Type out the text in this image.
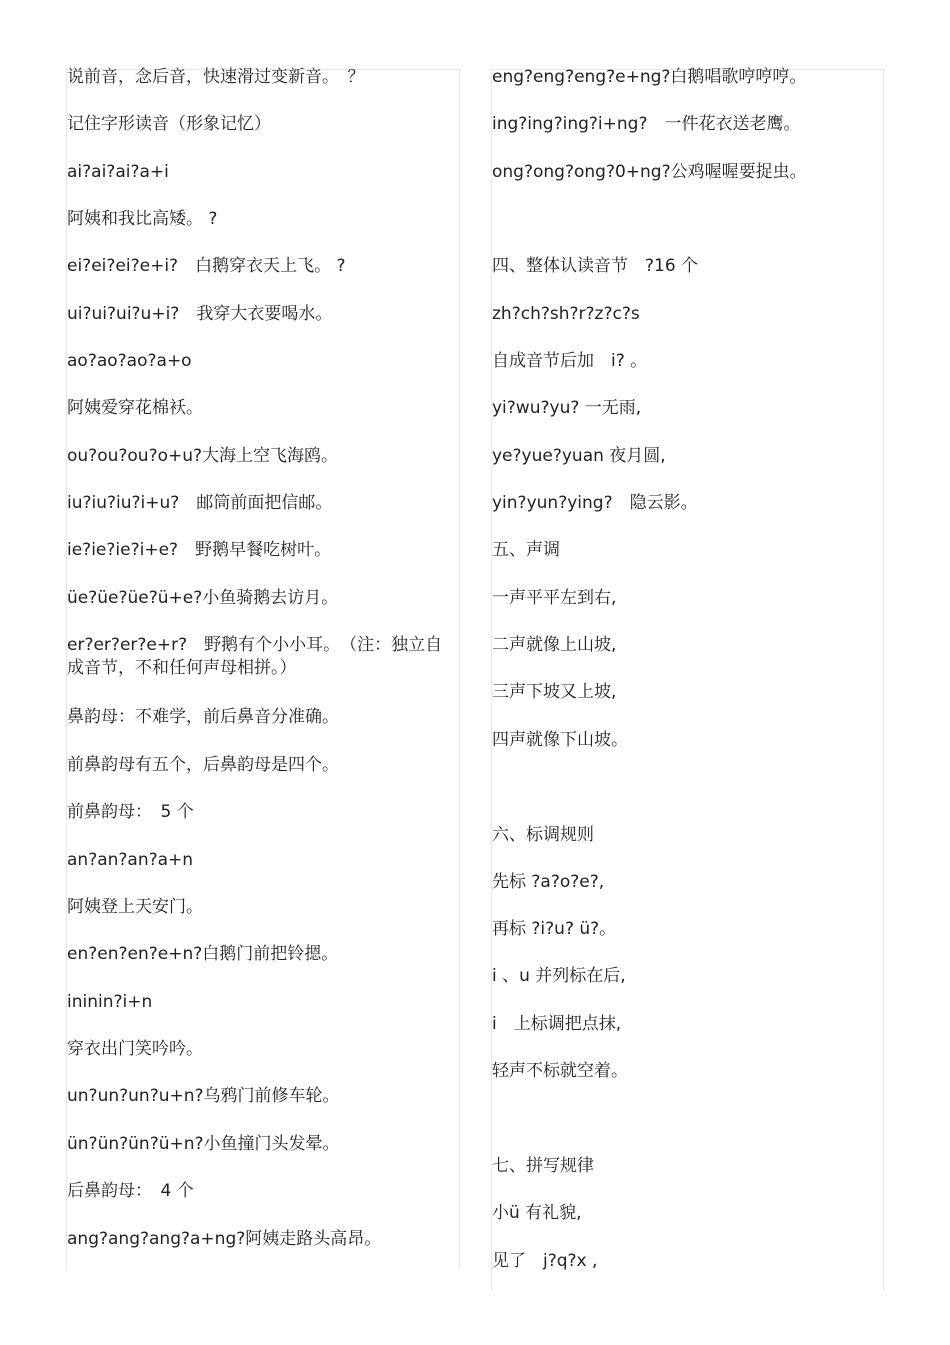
说前音，念后音，快速滑过变新音。　？
记住字形读音（形象记忆）
ai?ai?ai?a+i
阿姨和我比高矮。 ?
ei?ei?ei?e+i?　白鹅穿衣天上飞。 ?
ui?ui?ui?u+i?　我穿大衣要喝水。
ao?ao?ao?a+o
阿姨爱穿花棉袄。
ou?ou?ou?o+u?大海上空飞海鸥。
iu?iu?iu?i+u?　邮筒前面把信邮。
ie?ie?ie?i+e?　野鹅早餐吃树叶。
üe?üe?üe?ü+e?小鱼骑鹅去访月。
er?er?er?e+r?　野鹅有个小小耳。　（注：独立自成音节，不和任何声母相拼。）
鼻韵母：不难学，前后鼻音分准确。
前鼻韵母有五个，后鼻韵母是四个。
前鼻韵母：　5 个
an?an?an?a+n
阿姨登上天安门。
en?en?en?e+n?白鹅门前把铃摁。
ininin?i+n
穿衣出门笑吟吟。
un?un?un?u+n?乌鸦门前修车轮。
ün?ün?ün?ü+n?小鱼撞门头发晕。
后鼻韵母：　4 个
ang?ang?ang?a+ng?阿姨走路头高昂。
eng?eng?eng?e+ng?白鹅唱歌哼哼哼。
ing?ing?ing?i+ng?　一件花衣送老鹰。
ong?ong?ong?0+ng?公鸡喔喔要捉虫。
四、整体认读音节　?16 个
zh?ch?sh?r?z?c?s
自成音节后加　i? 。
yi?wu?yu? 一无雨,
ye?yue?yuan 夜月圆,
yin?yun?ying?　隐云影。
五、声调
一声平平左到右,
二声就像上山坡,
三声下坡又上坡,
四声就像下山坡。
六、标调规则
先标 ?a?o?e?,
再标 ?i?u? ü?。
i 、u 并列标在后,
i　上标调把点抹,
轻声不标就空着。
七、拼写规律
小ü 有礼貌,
见了　j?q?x ,
